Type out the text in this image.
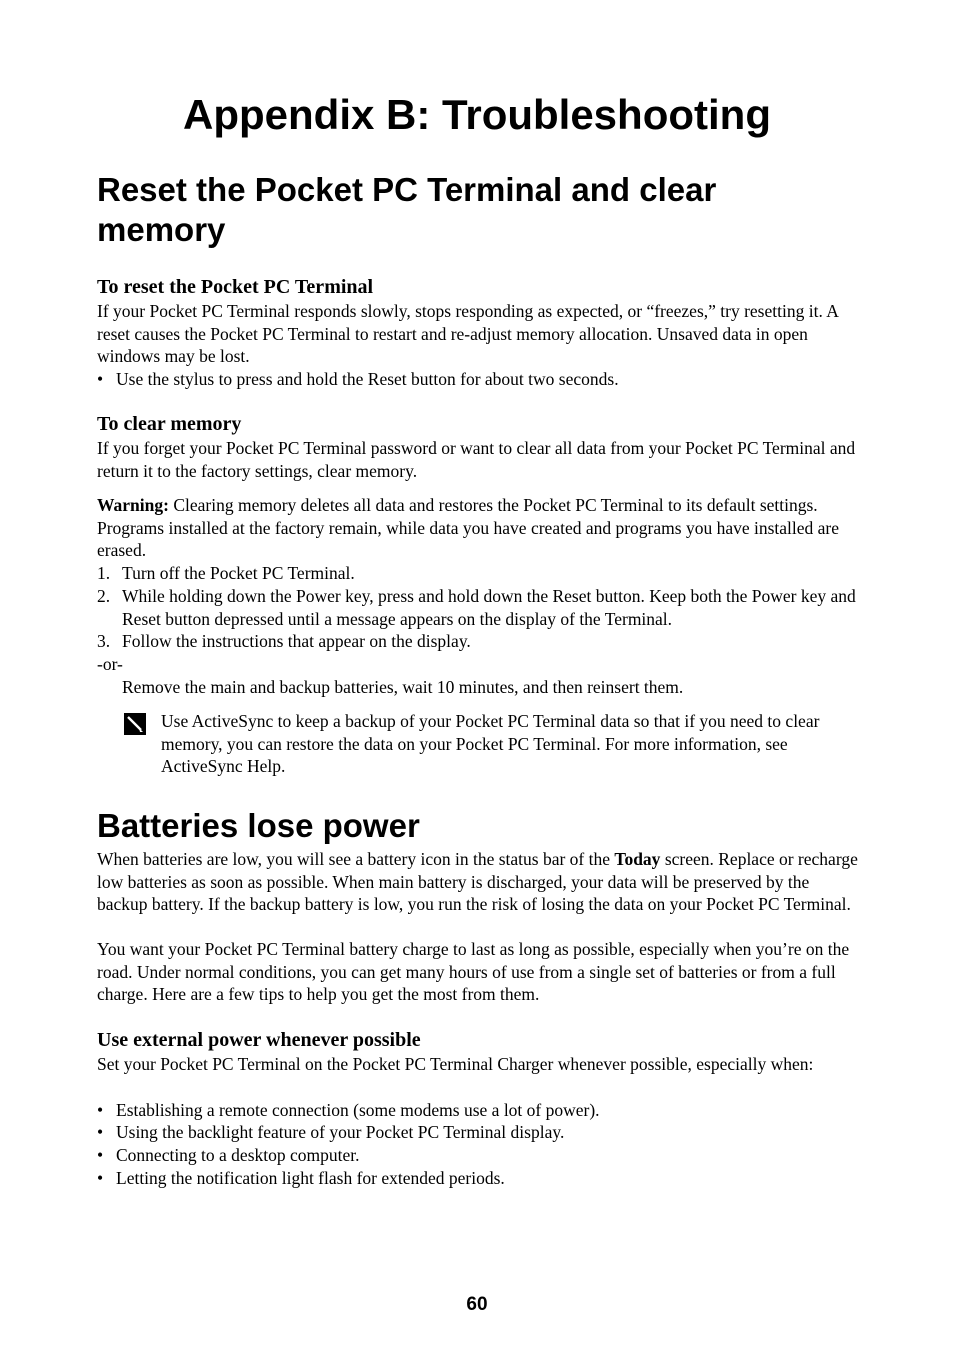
Appendix B: Troubleshooting
Reset the Pocket PC Terminal and clear
memory
To reset the Pocket PC Terminal

If your Pocket PC Terminal responds slowly, stops responding as expected, or “freezes,” try resetting it. A reset causes the Pocket PC Terminal to restart and re-adjust memory allocation. Unsaved data in open windows may be lost.

• Use the stylus to press and hold the Reset button for about two seconds.
To clear memory

If you forget your Pocket PC Terminal password or want to clear all data from your Pocket PC Terminal and return it to the factory settings, clear memory.

Warning: Clearing memory deletes all data and restores the Pocket PC Terminal to its default settings. Programs installed at the factory remain, while data you have created and programs you have installed are erased.

1. Turn off the Pocket PC Terminal.
2. While holding down the Power key, press and hold down the Reset button. Keep both the Power key and Reset button depressed until a message appears on the display of the Terminal.
3. Follow the instructions that appear on the display.

-or-

Remove the main and backup batteries, wait 10 minutes, and then reinsert them.

Use ActiveSync to keep a backup of your Pocket PC Terminal data so that if you need to clear memory, you can restore the data on your Pocket PC Terminal. For more information, see ActiveSync Help.

Batteries lose power

When batteries are low, you will see a battery icon in the status bar of the Today screen. Replace or recharge low batteries as soon as possible. When main battery is discharged, your data will be preserved by the backup battery. If the backup battery is low, you run the risk of losing the data on your Pocket PC Terminal.

You want your Pocket PC Terminal battery charge to last as long as possible, especially when you’re on the road. Under normal conditions, you can get many hours of use from a single set of batteries or from a full charge. Here are a few tips to help you get the most from them.

Use external power whenever possible

Set your Pocket PC Terminal on the Pocket PC Terminal Charger whenever possible, especially when:

• Establishing a remote connection (some modems use a lot of power).
• Using the backlight feature of your Pocket PC Terminal display.
• Connecting to a desktop computer.
• Letting the notification light flash for extended periods.
60
